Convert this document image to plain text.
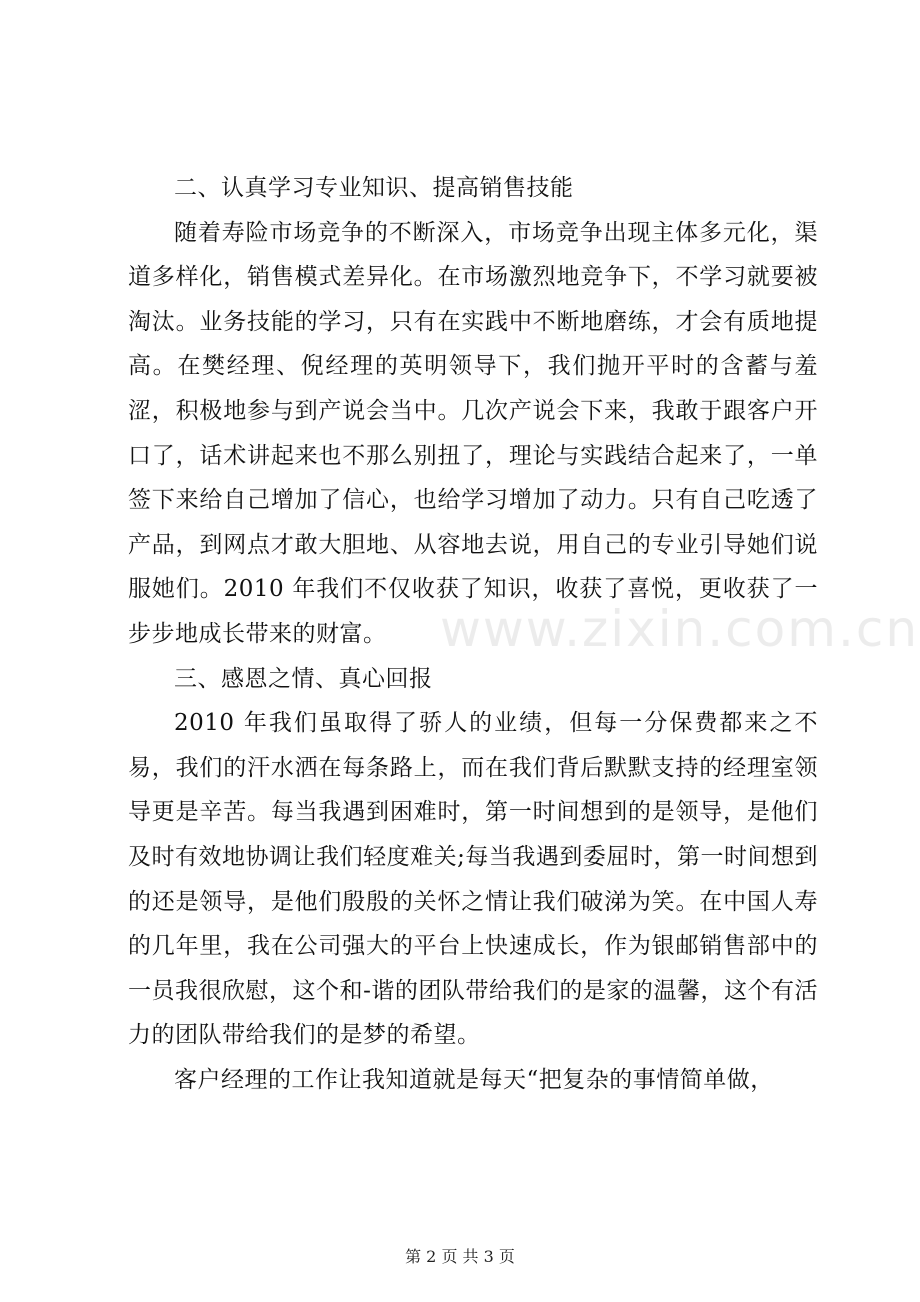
www.zixin.com.cn

二、认真学习专业知识、提高销售技能

随着寿险市场竞争的不断深入，市场竞争出现主体多元化，渠道多样化，销售模式差异化。在市场激烈地竞争下，不学习就要被淘汰。业务技能的学习，只有在实践中不断地磨练，才会有质地提高。在樊经理、倪经理的英明领导下，我们抛开平时的含蓄与羞涩，积极地参与到产说会当中。几次产说会下来，我敢于跟客户开口了，话术讲起来也不那么别扭了，理论与实践结合起来了，一单签下来给自己增加了信心，也给学习增加了动力。只有自己吃透了产品，到网点才敢大胆地、从容地去说，用自己的专业引导她们说服她们。2010 年我们不仅收获了知识，收获了喜悦，更收获了一步步地成长带来的财富。

三、感恩之情、真心回报

2010 年我们虽取得了骄人的业绩，但每一分保费都来之不易，我们的汗水洒在每条路上，而在我们背后默默支持的经理室领导更是辛苦。每当我遇到困难时，第一时间想到的是领导，是他们及时有效地协调让我们轻度难关;每当我遇到委屈时，第一时间想到的还是领导，是他们殷殷的关怀之情让我们破涕为笑。在中国人寿的几年里，我在公司强大的平台上快速成长，作为银邮销售部中的一员我很欣慰，这个和-谐的团队带给我们的是家的温馨，这个有活力的团队带给我们的是梦的希望。

客户经理的工作让我知道就是每天“把复杂的事情简单做，

第 2 页 共 3 页
